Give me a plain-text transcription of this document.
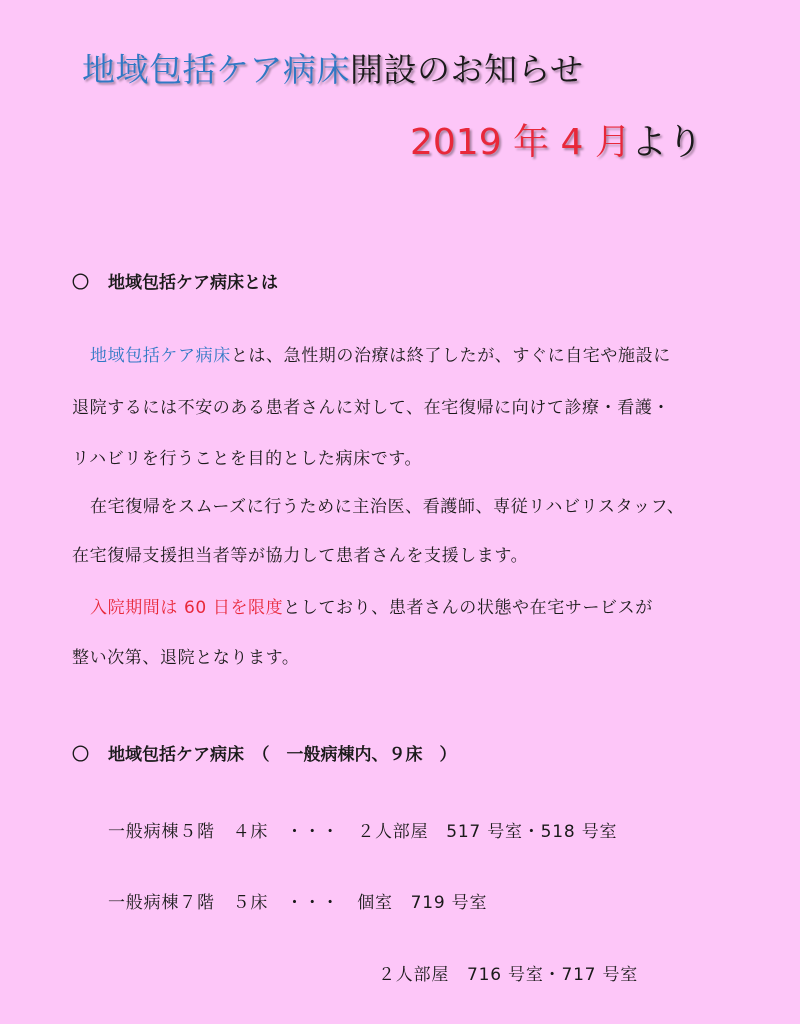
地域包括ケア病床開設のお知らせ
2019 年 4 月より
〇 地域包括ケア病床とは
地域包括ケア病床とは、急性期の治療は終了したが、すぐに自宅や施設に
退院するには不安のある患者さんに対して、在宅復帰に向けて診療・看護・
リハビリを行うことを目的とした病床です。
在宅復帰をスムーズに行うために主治医、看護師、専従リハビリスタッフ、
在宅復帰支援担当者等が協力して患者さんを支援します。
入院期間は 60 日を限度としており、患者さんの状態や在宅サービスが
整い次第、退院となります。
〇 地域包括ケア病床　（　一般病棟内、９床　）
一般病棟５階　４床　・・・　２人部屋　517 号室・518 号室
一般病棟７階　５床　・・・　個室　719 号室
２人部屋　716 号室・717 号室
